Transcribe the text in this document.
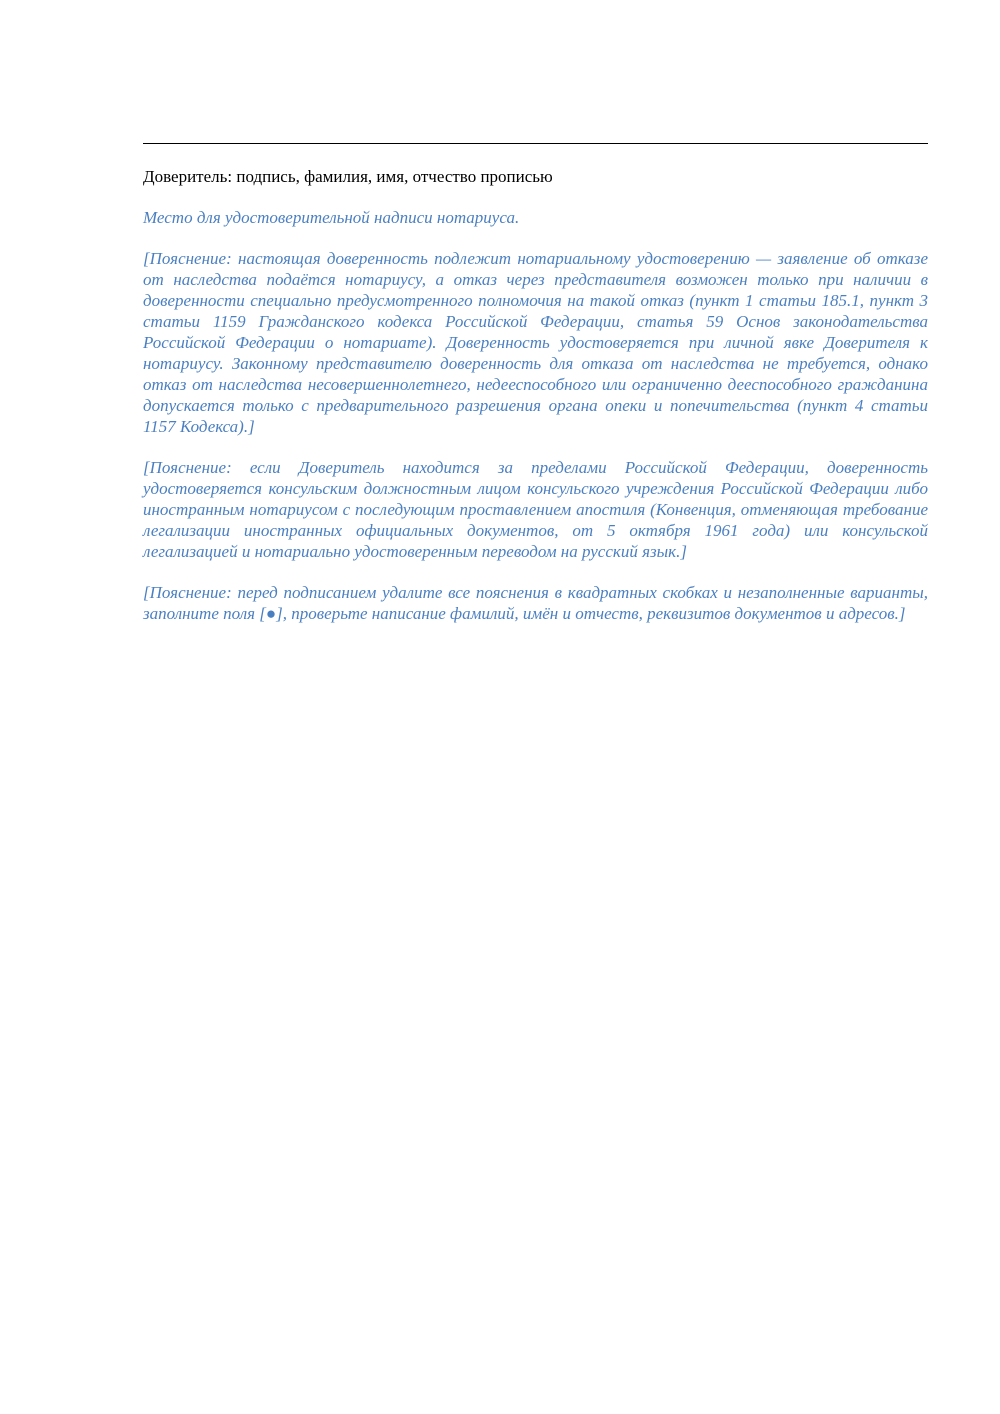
Доверитель: подпись, фамилия, имя, отчество прописью
Место для удостоверительной надписи нотариуса.
[Пояснение: настоящая доверенность подлежит нотариальному удостоверению — заявление об отказе от наследства подаётся нотариусу, а отказ через представителя возможен только при наличии в доверенности специально предусмотренного полномочия на такой отказ (пункт 1 статьи 185.1, пункт 3 статьи 1159 Гражданского кодекса Российской Федерации, статья 59 Основ законодательства Российской Федерации о нотариате). Доверенность удостоверяется при личной явке Доверителя к нотариусу. Законному представителю доверенность для отказа от наследства не требуется, однако отказ от наследства несовершеннолетнего, недееспособного или ограниченно дееспособного гражданина допускается только с предварительного разрешения органа опеки и попечительства (пункт 4 статьи 1157 Кодекса).]
[Пояснение: если Доверитель находится за пределами Российской Федерации, доверенность удостоверяется консульским должностным лицом консульского учреждения Российской Федерации либо иностранным нотариусом с последующим проставлением апостиля (Конвенция, отменяющая требование легализации иностранных официальных документов, от 5 октября 1961 года) или консульской легализацией и нотариально удостоверенным переводом на русский язык.]
[Пояснение: перед подписанием удалите все пояснения в квадратных скобках и незаполненные варианты, заполните поля [●], проверьте написание фамилий, имён и отчеств, реквизитов документов и адресов.]
